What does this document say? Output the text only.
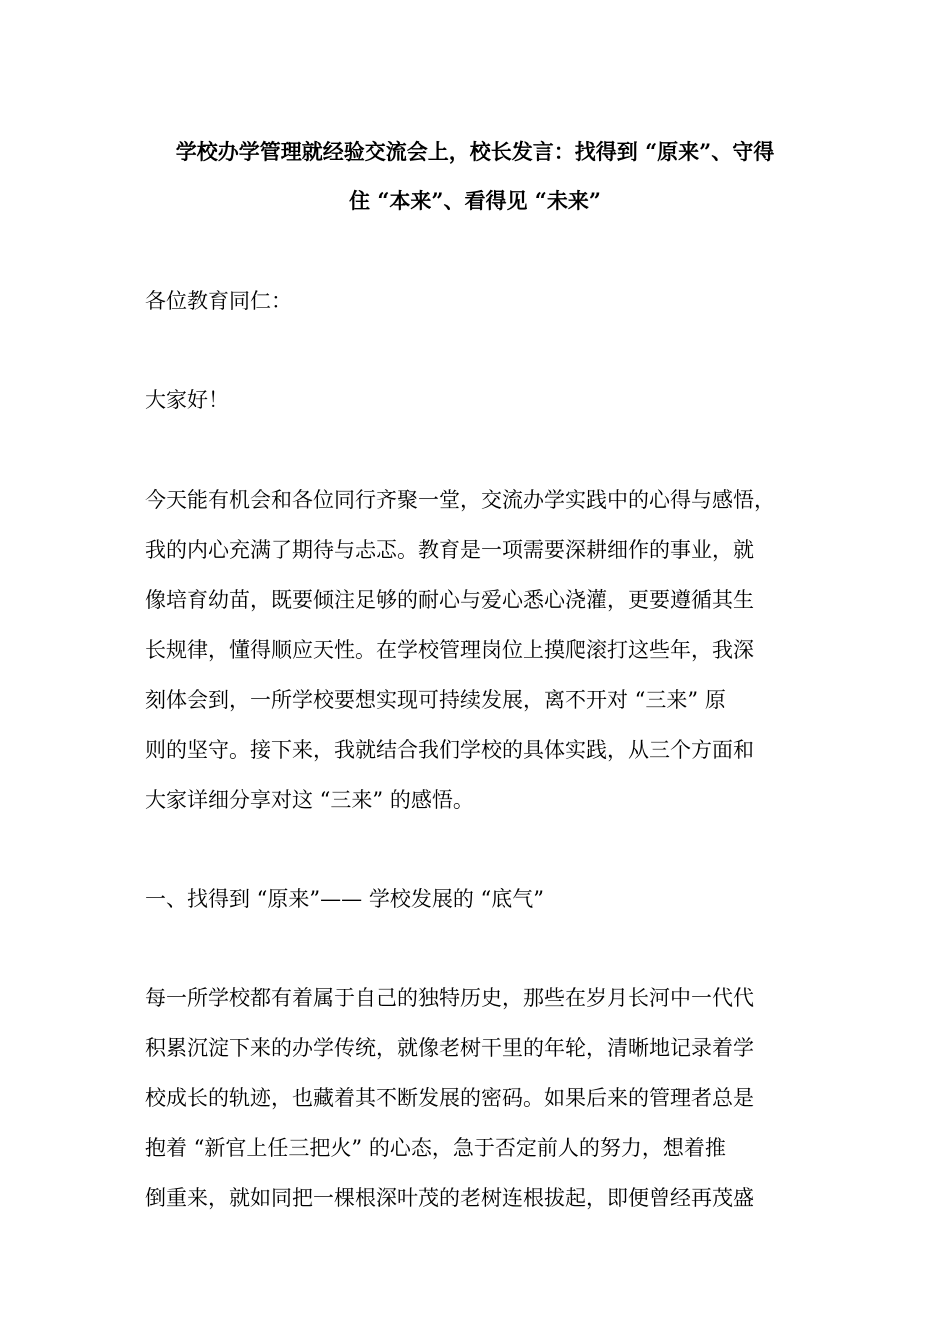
学校办学管理就经验交流会上，校长发言：找得到 “原来”、守得
住 “本来”、看得见 “未来”
各位教育同仁：
大家好！
今天能有机会和各位同行齐聚一堂，交流办学实践中的心得与感悟，
我的内心充满了期待与忐忑。教育是一项需要深耕细作的事业，就
像培育幼苗，既要倾注足够的耐心与爱心悉心浇灌，更要遵循其生
长规律，懂得顺应天性。在学校管理岗位上摸爬滚打这些年，我深
刻体会到，一所学校要想实现可持续发展，离不开对 “三来” 原
则的坚守。接下来，我就结合我们学校的具体实践，从三个方面和
大家详细分享对这 “三来” 的感悟。
一、找得到 “原来”—— 学校发展的 “底气”
每一所学校都有着属于自己的独特历史，那些在岁月长河中一代代
积累沉淀下来的办学传统，就像老树干里的年轮，清晰地记录着学
校成长的轨迹，也藏着其不断发展的密码。如果后来的管理者总是
抱着 “新官上任三把火” 的心态，急于否定前人的努力，想着推
倒重来，就如同把一棵根深叶茂的老树连根拔起，即便曾经再茂盛
